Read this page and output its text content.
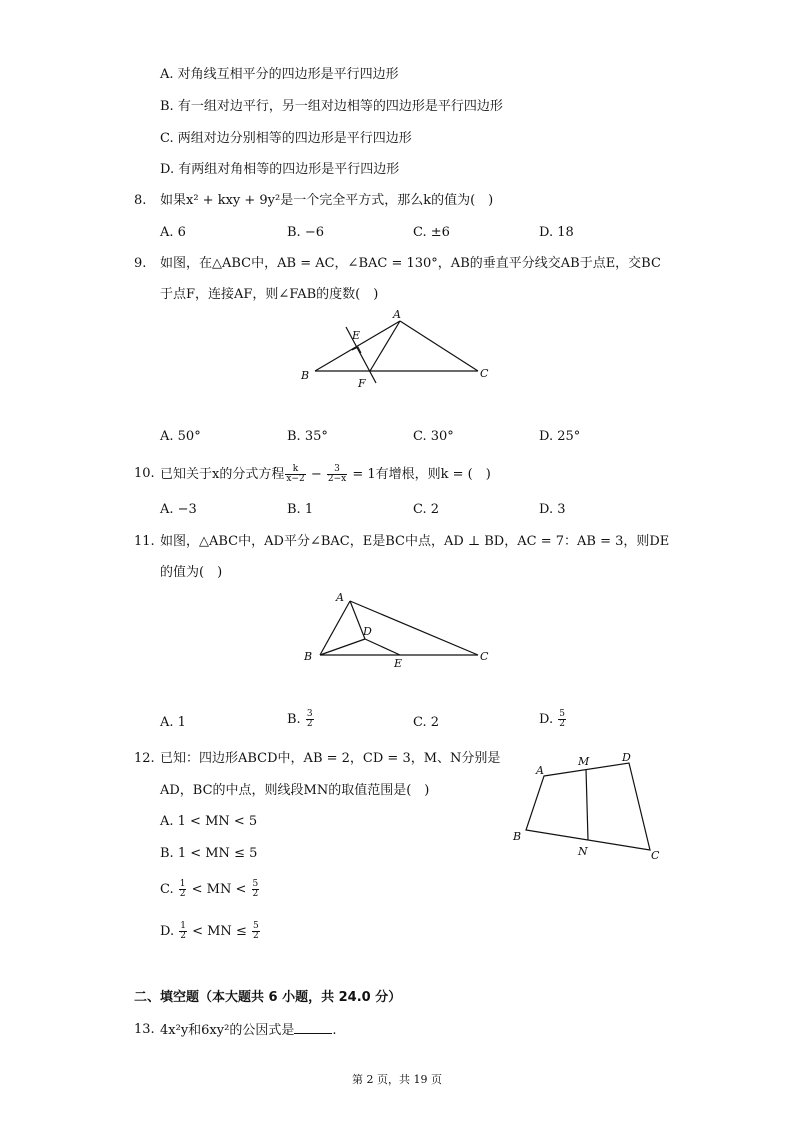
A. 对角线互相平分的四边形是平行四边形
B. 有一组对边平行，另一组对边相等的四边形是平行四边形
C. 两组对边分别相等的四边形是平行四边形
D. 有两组对角相等的四边形是平行四边形
8. 如果x² + kxy + 9y²是一个完全平方式，那么k的值为(　)
A. 6	B. −6	C. ±6	D. 18
9. 如图，在△ABC中，AB = AC，∠BAC = 130°，AB的垂直平分线交AB于点E，交BC
于点F，连接AF，则∠FAB的度数(　)
A
E
B	C
F
A. 50°	B. 35°	C. 30°	D. 25°
10. 已知关于x的分式方程 $\frac{k}{x-2} - \frac{3}{2-x} = 1$有增根，则k = (　)
A. −3	B. 1	C. 2	D. 3
11. 如图，△ABC中，AD平分∠BAC，E是BC中点，AD ⊥ BD，AC = 7：AB = 3，则DE
的值为(　)
A
D
B
E
C
A. 1	B. $\frac{3}{2}$	C. 2	D. $\frac{5}{2}$
12. 已知：四边形ABCD中，AB = 2，CD = 3，M、N分别是
AD，BC的中点，则线段MN的取值范围是(　)
A. 1 < MN < 5
B. 1 < MN ≤ 5
C. $\frac{1}{2}$ < MN < $\frac{5}{2}$
D. $\frac{1}{2}$ < MN ≤ $\frac{5}{2}$
A
M	D
B
N	C
二、填空题（本大题共 6 小题，共 24.0 分）
13. 4x²y和6xy²的公因式是	.
第 2 页，共 19 页
